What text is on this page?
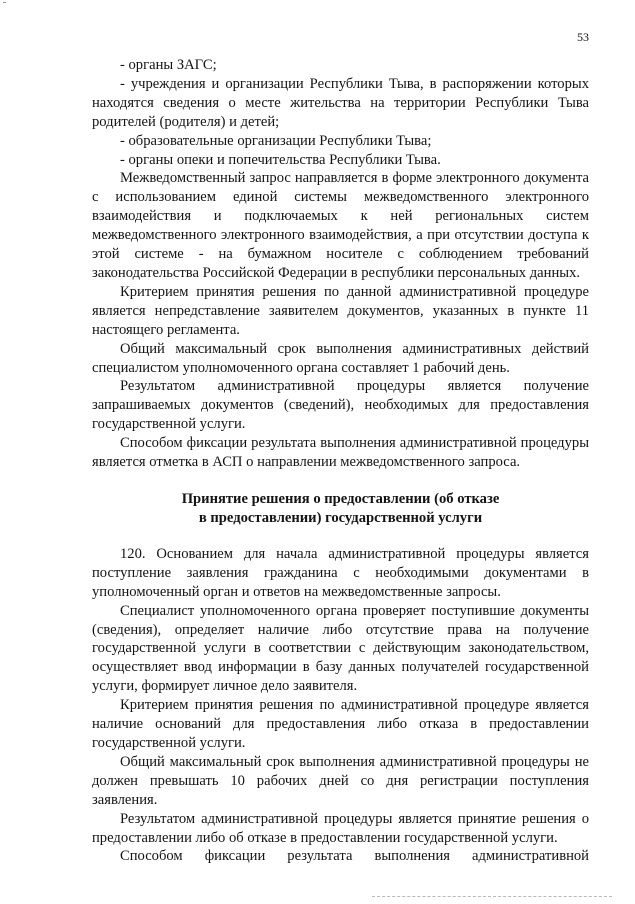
53

- органы ЗАГС;

- учреждения и организации Республики Тыва, в распоряжении которых находятся сведения о месте жительства на территории Республики Тыва родителей (родителя) и детей;

- образовательные организации Республики Тыва;

- органы опеки и попечительства Республики Тыва.

Межведомственный запрос направляется в форме электронного документа с использованием единой системы межведомственного электронного взаимодействия и подключаемых к ней региональных систем межведомственного электронного взаимодействия, а при отсутствии доступа к этой системе - на бумажном носителе с соблюдением требований законодательства Российской Федерации в республики персональных данных.

Критерием принятия решения по данной административной процедуре является непредставление заявителем документов, указанных в пункте 11 настоящего регламента.

Общий максимальный срок выполнения административных действий специалистом уполномоченного органа составляет 1 рабочий день.

Результатом административной процедуры является получение запрашиваемых документов (сведений), необходимых для предоставления государственной услуги.

Способом фиксации результата выполнения административной процедуры является отметка в АСП о направлении межведомственного запроса.

Принятие решения о предоставлении (об отказе
в предоставлении) государственной услуги

120. Основанием для начала административной процедуры является поступление заявления гражданина с необходимыми документами в уполномоченный орган и ответов на межведомственные запросы.

Специалист уполномоченного органа проверяет поступившие документы (сведения), определяет наличие либо отсутствие права на получение государственной услуги в соответствии с действующим законодательством, осуществляет ввод информации в базу данных получателей государственной услуги, формирует личное дело заявителя.

Критерием принятия решения по административной процедуре является наличие оснований для предоставления либо отказа в предоставлении государственной услуги.

Общий максимальный срок выполнения административной процедуры не должен превышать 10 рабочих дней со дня регистрации поступления заявления.

Результатом административной процедуры является принятие решения о предоставлении либо об отказе в предоставлении государственной услуги.

Способом фиксации результата выполнения административной
